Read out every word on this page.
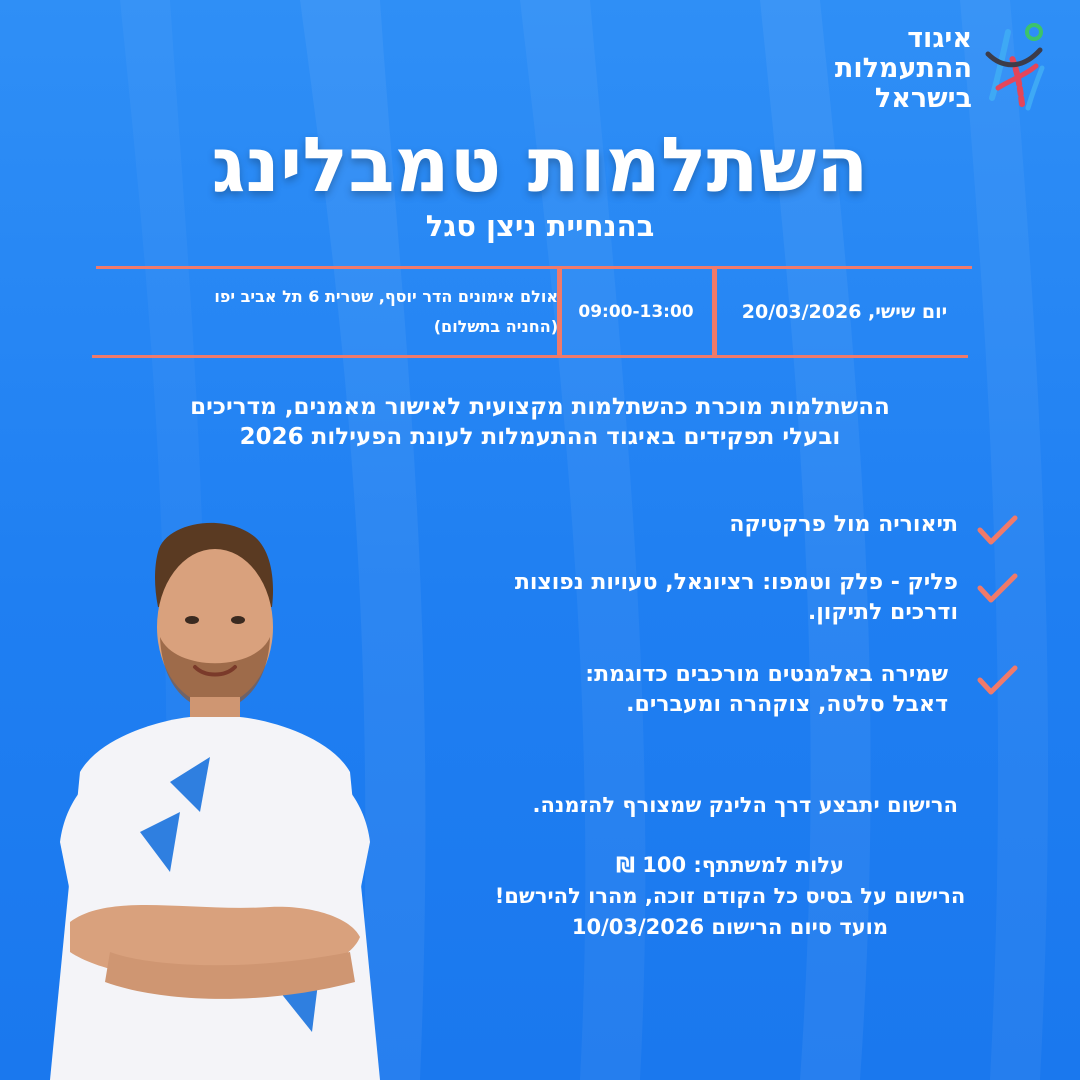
איגוד
ההתעמלות
בישראל
השתלמות טמבלינג
בהנחיית ניצן סגל
יום שישי, 20/03/2026
09:00-13:00
אולם אימונים הדר יוסף, שטרית 6 תל אביב יפו
(החניה בתשלום)
ההשתלמות מוכרת כהשתלמות מקצועית לאישור מאמנים, מדריכים
ובעלי תפקידים באיגוד ההתעמלות לעונת הפעילות 2026
תיאוריה מול פרקטיקה
פליק - פלק וטמפו: רציונאל, טעויות נפוצות
ודרכים לתיקון.
שמירה באלמנטים מורכבים כדוגמת:
דאבל סלטה, צוקהרה ומעברים.
הרישום יתבצע דרך הלינק שמצורף להזמנה.
עלות למשתתף: 100 ₪
הרישום על בסיס כל הקודם זוכה, מהרו להירשם!
מועד סיום הרישום 10/03/2026
